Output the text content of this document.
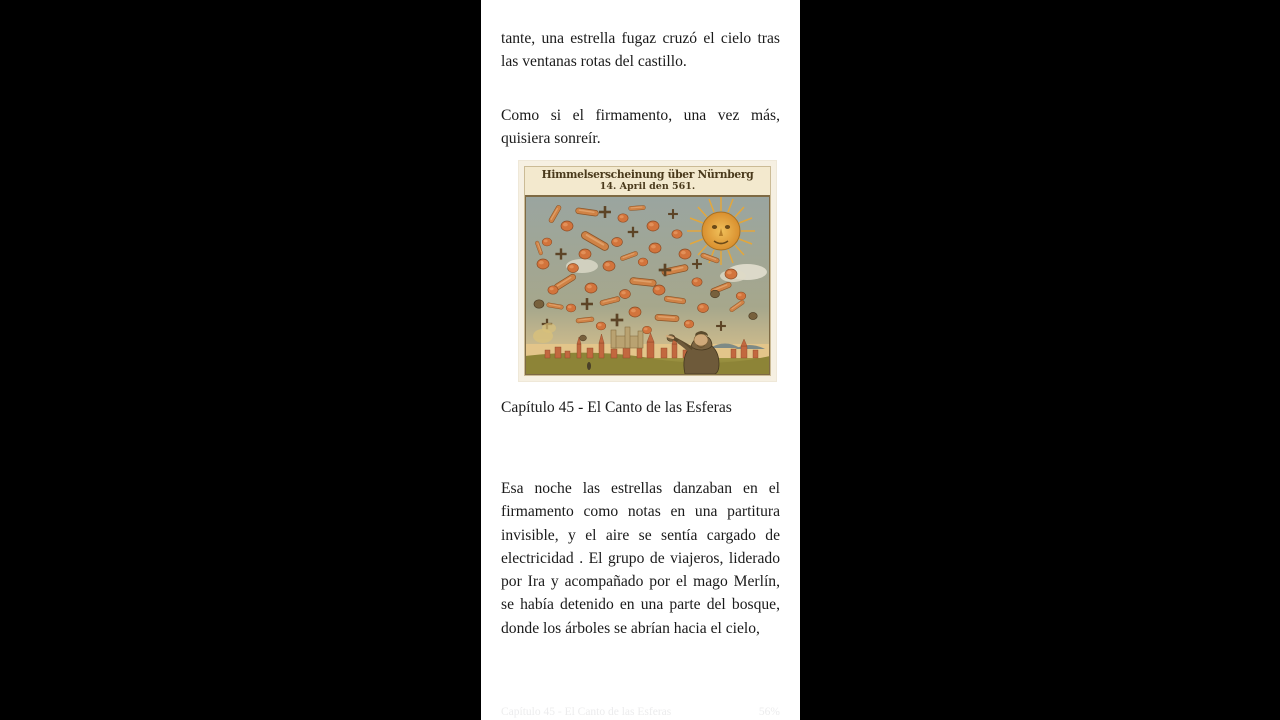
tante, una estrella fugaz cruzó el cielo tras las ventanas rotas del castillo.

Como si el firmamento, una vez más, quisiera sonreír.

Himmelserscheinung über Nürnberg
14. April den 561.

Capítulo 45 - El Canto de las Esferas

Esa noche las estrellas danzaban en el firmamento como notas en una partitura invisible, y el aire se sentía cargado de electricidad . El grupo de viajeros, liderado por Ira y acompañado por el mago Merlín, se había detenido en una parte del bosque, donde los árboles se abrían hacia el cielo,

Capítulo 45 - El Canto de las Esferas	56%
